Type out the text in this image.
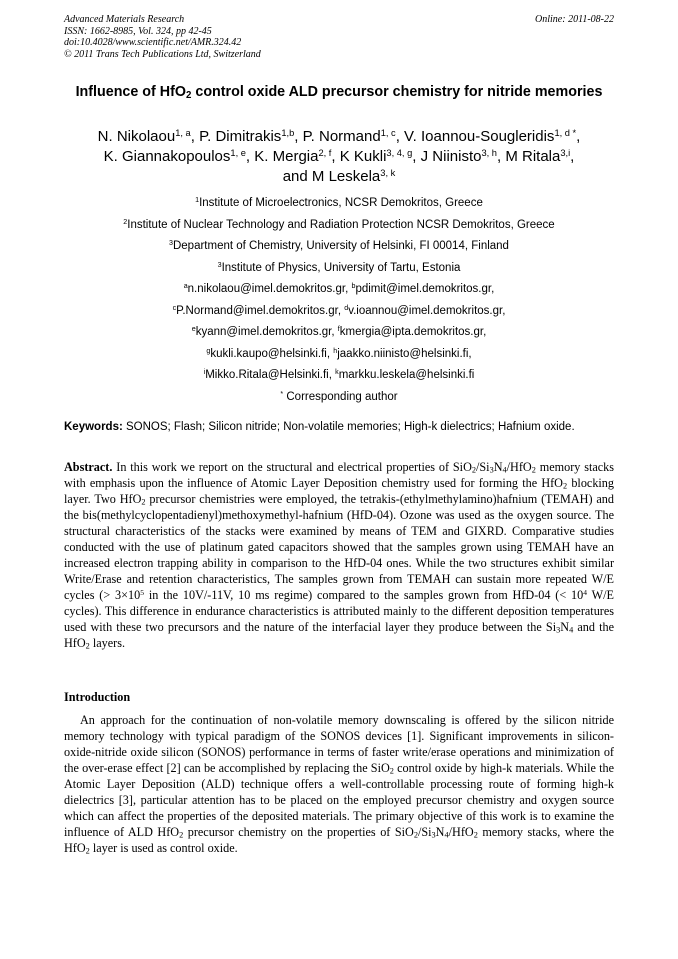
Advanced Materials Research
ISSN: 1662-8985, Vol. 324, pp 42-45
doi:10.4028/www.scientific.net/AMR.324.42
© 2011 Trans Tech Publications Ltd, Switzerland
Online: 2011-08-22
Influence of HfO$_2$ control oxide ALD precursor chemistry for nitride memories
N. Nikolaou$^{1, a}$, P. Dimitrakis$^{1,b}$, P. Normand$^{1, c}$, V. Ioannou-Sougleridis$^{1, d *}$,
K. Giannakopoulos$^{1, e}$, K. Mergia$^{2, f}$, K Kukli$^{3, 4, g}$, J Niinisto$^{3, h}$, M Ritala$^{3,i}$,
and M Leskela$^{3, k}$
$^1$Institute of Microelectronics, NCSR Demokritos, Greece
$^2$Institute of Nuclear Technology and Radiation Protection NCSR Demokritos, Greece
$^3$Department of Chemistry, University of Helsinki, FI 00014, Finland
$^3$Institute of Physics, University of Tartu, Estonia
$^a$n.nikolaou@imel.demokritos.gr, $^b$pdimit@imel.demokritos.gr,
$^c$P.Normand@imel.demokritos.gr, $^d$v.ioannou@imel.demokritos.gr,
$^e$kyann@imel.demokritos.gr, $^f$kmergia@ipta.demokritos.gr,
$^g$kukli.kaupo@helsinki.fi, $^h$jaakko.niinisto@helsinki.fi,
$^i$Mikko.Ritala@Helsinki.fi, $^k$markku.leskela@helsinki.fi
* Corresponding author
Keywords: SONOS; Flash; Silicon nitride; Non-volatile memories; High-k dielectrics; Hafnium oxide.
Abstract. In this work we report on the structural and electrical properties of $SiO_2/Si_3N_4/HfO_2$ memory stacks with emphasis upon the influence of Atomic Layer Deposition chemistry used for forming the HfO$_2$ blocking layer. Two HfO$_2$ precursor chemistries were employed, the tetrakis-(ethylmethylamino)hafnium (TEMAH) and the bis(methylcyclopentadienyl)methoxymethyl-hafnium (HfD-04). Ozone was used as the oxygen source. The structural characteristics of the stacks were examined by means of TEM and GIXRD. Comparative studies conducted with the use of platinum gated capacitors showed that the samples grown using TEMAH have an increased electron trapping ability in comparison to the HfD-04 ones. While the two structures exhibit similar Write/Erase and retention characteristics, The samples grown from TEMAH can sustain more repeated W/E cycles (> $3\times 10^5$ in the 10V/-11V, 10 ms regime) compared to the samples grown from HfD-04 (< $10^4$ W/E cycles). This difference in endurance characteristics is attributed mainly to the different deposition temperatures used with these two precursors and the nature of the interfacial layer they produce between the $Si_3N_4$ and the HfO$_2$ layers.
Introduction
An approach for the continuation of non-volatile memory downscaling is offered by the silicon nitride memory technology with typical paradigm of the SONOS devices [1]. Significant improvements in silicon-oxide-nitride oxide silicon (SONOS) performance in terms of faster write/erase operations and minimization of the over-erase effect [2] can be accomplished by replacing the SiO$_2$ control oxide by high-k materials. While the Atomic Layer Deposition (ALD) technique offers a well-controllable processing route of forming high-k dielectrics [3], particular attention has to be placed on the employed precursor chemistry and oxygen source which can affect the properties of the deposited materials. The primary objective of this work is to examine the influence of ALD HfO$_2$ precursor chemistry on the properties of $SiO_2/Si_3N_4/HfO_2$ memory stacks, where the HfO$_2$ layer is used as control oxide.
